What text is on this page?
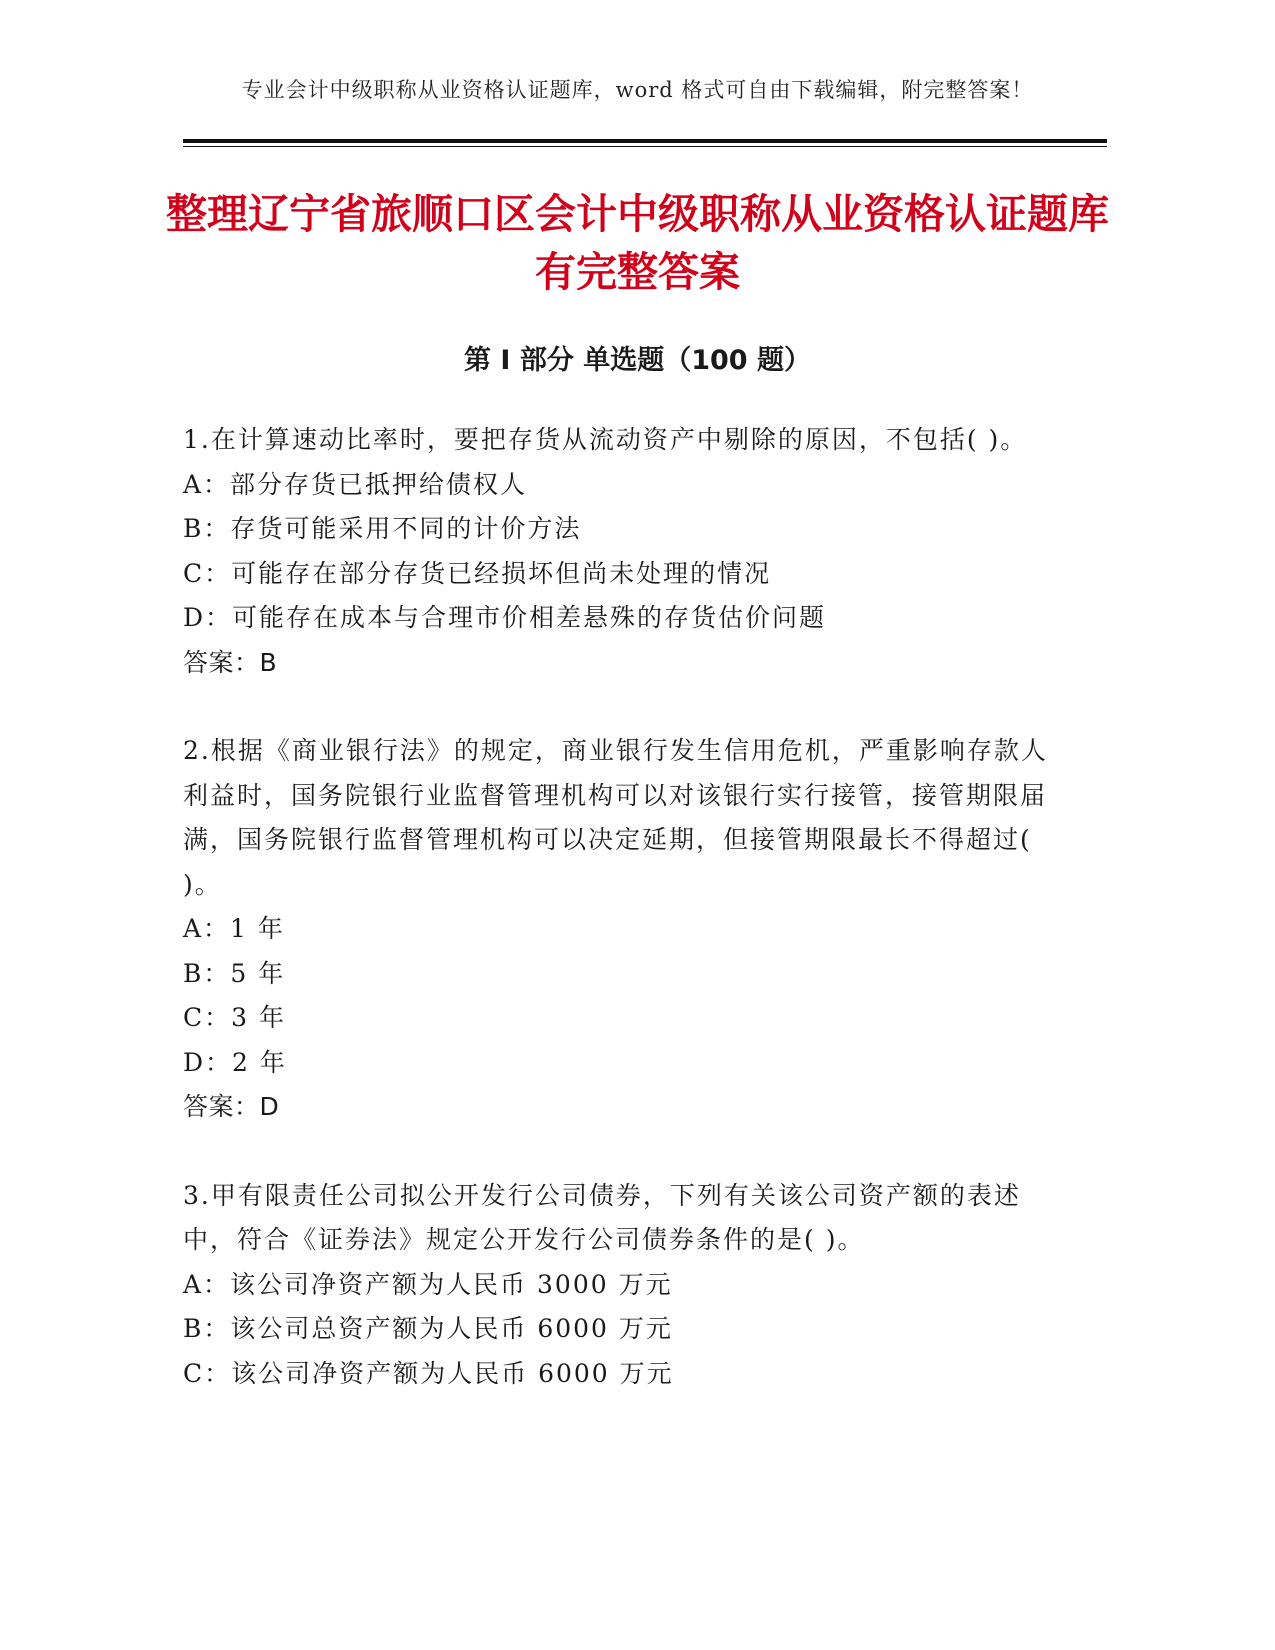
专业会计中级职称从业资格认证题库，word 格式可自由下载编辑，附完整答案！
整理辽宁省旅顺口区会计中级职称从业资格认证题库有完整答案
第 I 部分 单选题（100 题）

1.在计算速动比率时，要把存货从流动资产中剔除的原因，不包括( )。

A：部分存货已抵押给债权人

B：存货可能采用不同的计价方法

C：可能存在部分存货已经损坏但尚未处理的情况

D：可能存在成本与合理市价相差悬殊的存货估价问题

答案：B

2.根据《商业银行法》的规定，商业银行发生信用危机，严重影响存款人利益时，国务院银行业监督管理机构可以对该银行实行接管，接管期限届满，国务院银行监督管理机构可以决定延期，但接管期限最长不得超过( )。

A：1 年

B：5 年

C：3 年

D：2 年

答案：D

3.甲有限责任公司拟公开发行公司债券，下列有关该公司资产额的表述中，符合《证券法》规定公开发行公司债券条件的是( )。

A：该公司净资产额为人民币 3000 万元

B：该公司总资产额为人民币 6000 万元

C：该公司净资产额为人民币 6000 万元
